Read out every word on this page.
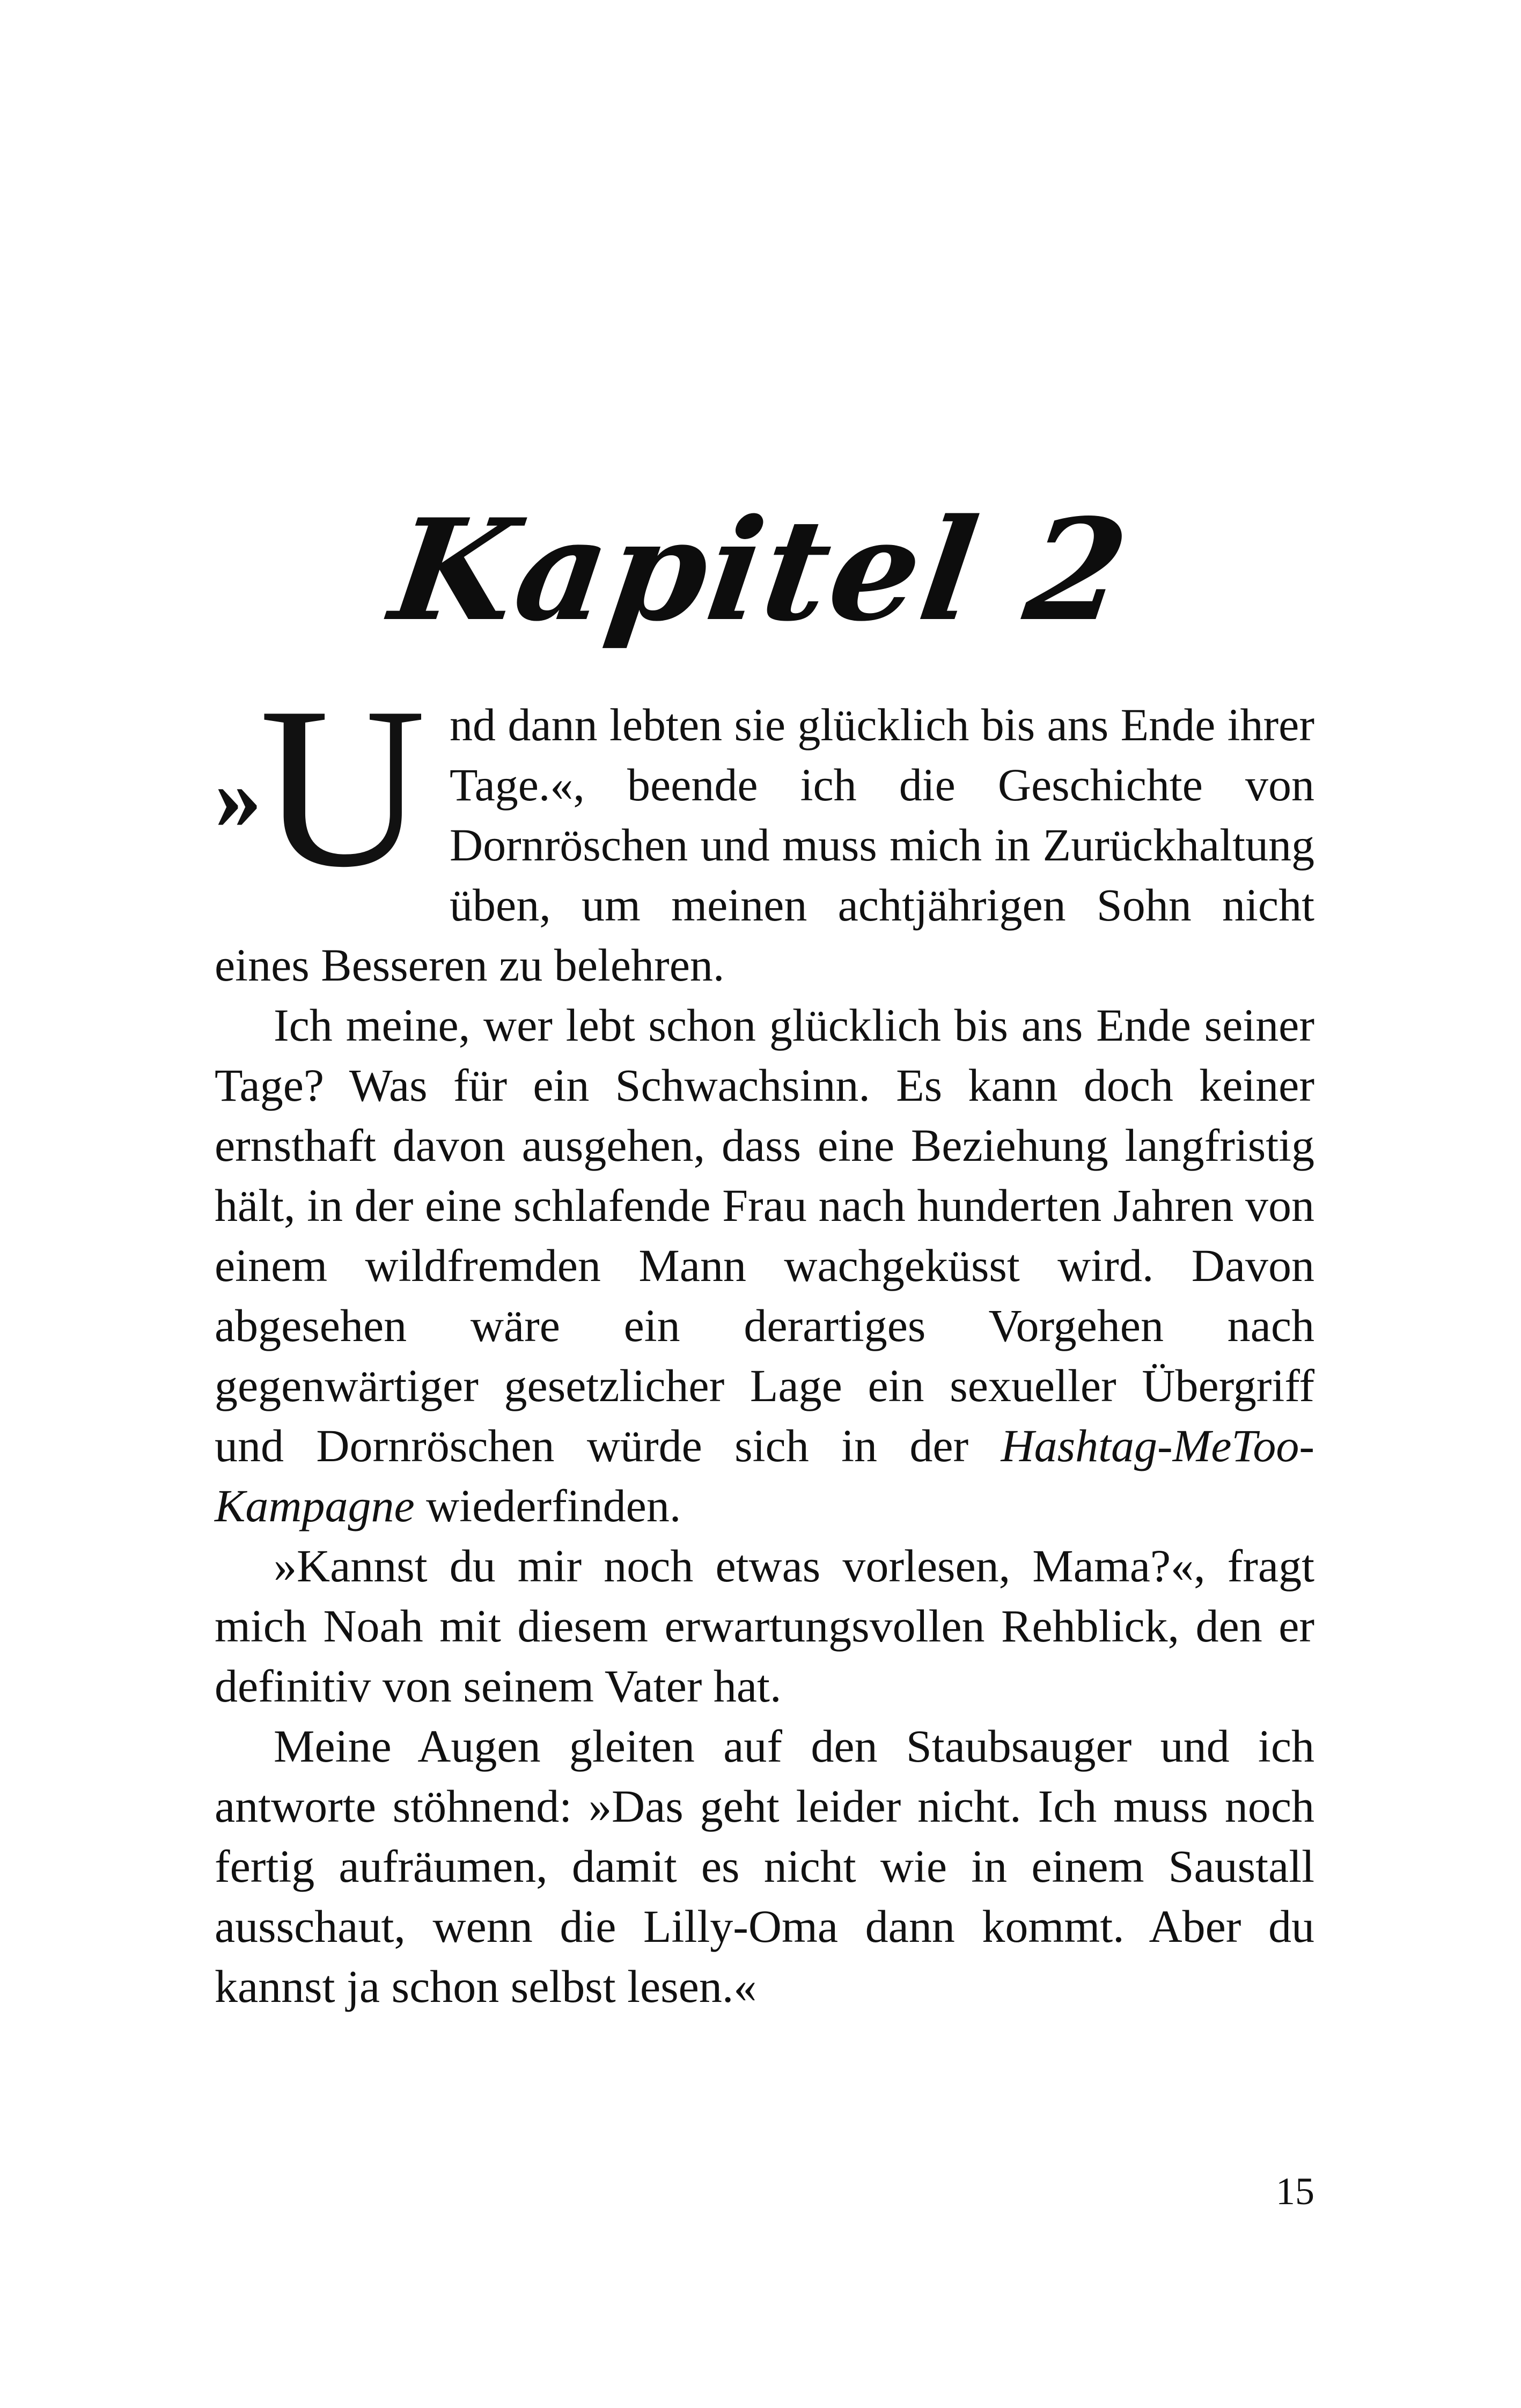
Kapitel 2

»
U nd dann lebten sie glücklich bis ans Ende ihrer Tage.«, beende ich die Geschichte von Dornröschen und muss mich in Zurückhaltung üben, um meinen achtjährigen Sohn nicht eines Besseren zu belehren.

Ich meine, wer lebt schon glücklich bis ans Ende seiner Tage? Was für ein Schwachsinn. Es kann doch keiner ernsthaft davon ausgehen, dass eine Beziehung langfristig hält, in der eine schlafende Frau nach hunderten Jahren von einem wildfremden Mann wachgeküsst wird. Davon abgesehen wäre ein derartiges Vorgehen nach gegenwärtiger gesetzlicher Lage ein sexueller Übergriff und Dornröschen würde sich in der Hashtag-MeToo-Kampagne wiederfinden.

»Kannst du mir noch etwas vorlesen, Mama?«, fragt mich Noah mit diesem erwartungsvollen Rehblick, den er definitiv von seinem Vater hat.

Meine Augen gleiten auf den Staubsauger und ich antworte stöhnend: »Das geht leider nicht. Ich muss noch fertig aufräumen, damit es nicht wie in einem Saustall ausschaut, wenn die Lilly-Oma dann kommt. Aber du kannst ja schon selbst lesen.«

15
